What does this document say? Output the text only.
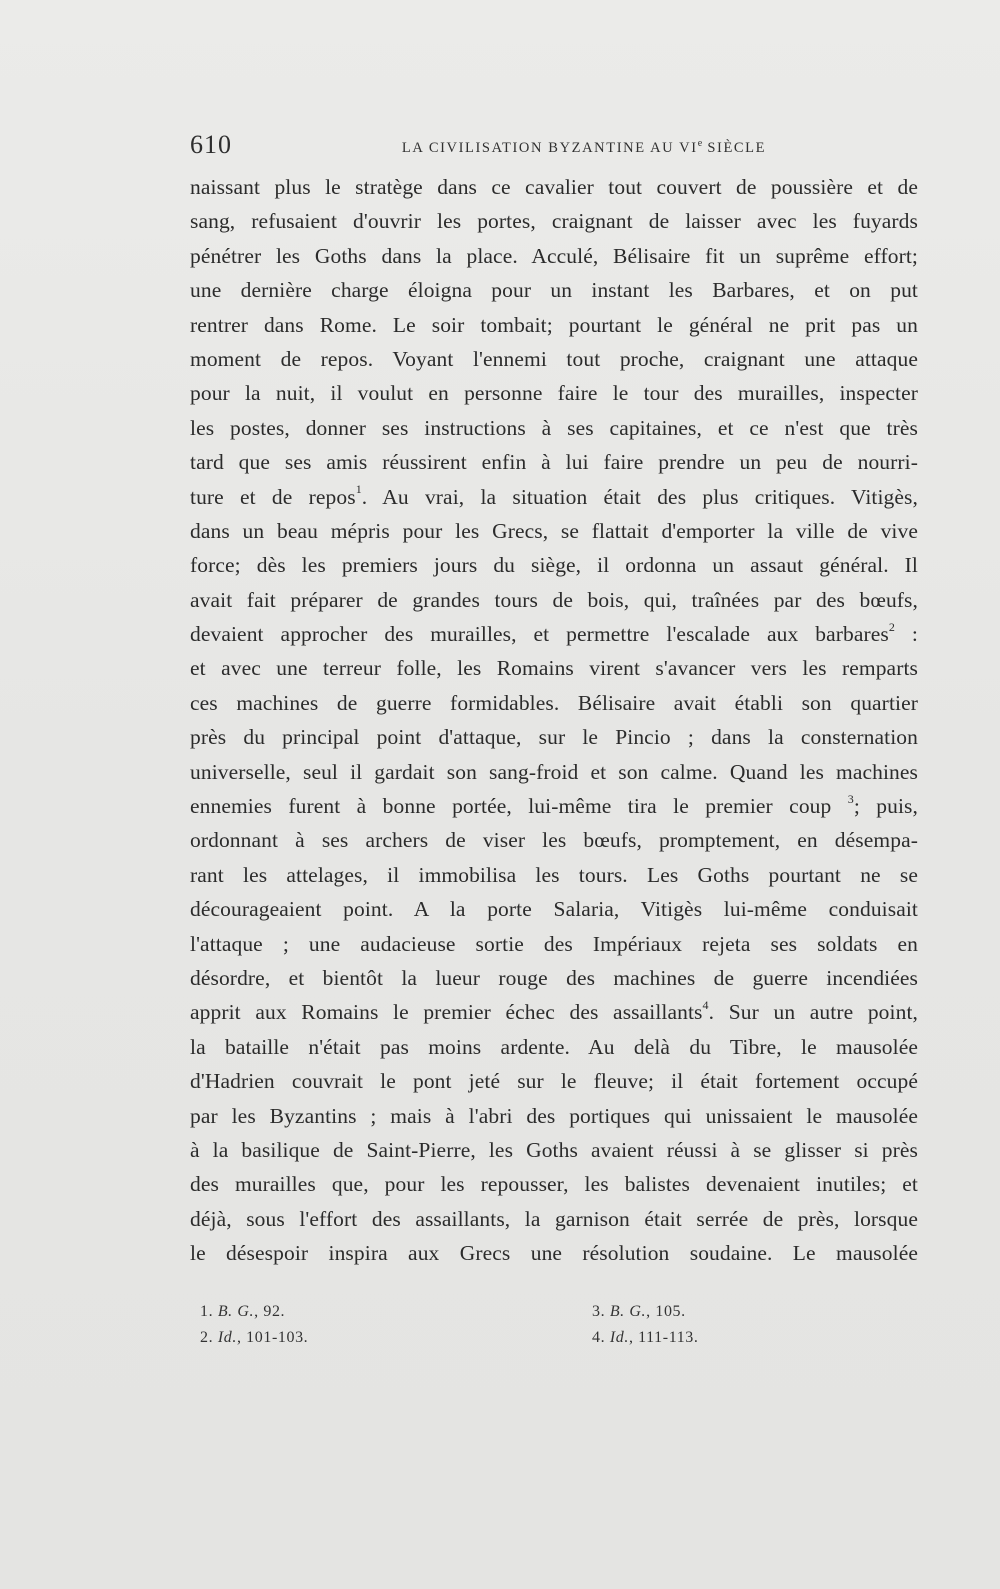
610	LA CIVILISATION BYZANTINE AU VIe SIÈCLE
naissant plus le stratège dans ce cavalier tout couvert de poussière et de
sang, refusaient d'ouvrir les portes, craignant de laisser avec les fuyards
pénétrer les Goths dans la place. Acculé, Bélisaire fit un suprême effort;
une dernière charge éloigna pour un instant les Barbares, et on put
rentrer dans Rome. Le soir tombait; pourtant le général ne prit pas un
moment de repos. Voyant l'ennemi tout proche, craignant une attaque
pour la nuit, il voulut en personne faire le tour des murailles, inspecter
les postes, donner ses instructions à ses capitaines, et ce n'est que très
tard que ses amis réussirent enfin à lui faire prendre un peu de nourri-
ture et de repos$^1$. Au vrai, la situation était des plus critiques. Vitigès,
dans un beau mépris pour les Grecs, se flattait d'emporter la ville de vive
force; dès les premiers jours du siège, il ordonna un assaut général. Il
avait fait préparer de grandes tours de bois, qui, traînées par des bœufs,
devaient approcher des murailles, et permettre l'escalade aux barbares$^2$ :
et avec une terreur folle, les Romains virent s'avancer vers les remparts
ces machines de guerre formidables. Bélisaire avait établi son quartier
près du principal point d'attaque, sur le Pincio ; dans la consternation
universelle, seul il gardait son sang-froid et son calme. Quand les machines
ennemies furent à bonne portée, lui-même tira le premier coup $^3$; puis,
ordonnant à ses archers de viser les bœufs, promptement, en désempa-
rant les attelages, il immobilisa les tours. Les Goths pourtant ne se
décourageaient point. A la porte Salaria, Vitigès lui-même conduisait
l'attaque ; une audacieuse sortie des Impériaux rejeta ses soldats en
désordre, et bientôt la lueur rouge des machines de guerre incendiées
apprit aux Romains le premier échec des assaillants$^4$. Sur un autre point,
la bataille n'était pas moins ardente. Au delà du Tibre, le mausolée
d'Hadrien couvrait le pont jeté sur le fleuve; il était fortement occupé
par les Byzantins ; mais à l'abri des portiques qui unissaient le mausolée
à la basilique de Saint-Pierre, les Goths avaient réussi à se glisser si près
des murailles que, pour les repousser, les balistes devenaient inutiles; et
déjà, sous l'effort des assaillants, la garnison était serrée de près, lorsque
le désespoir inspira aux Grecs une résolution soudaine. Le mausolée
1. B. G., 92.
2. Id., 101-103.
3. B. G., 105.
4. Id., 111-113.
